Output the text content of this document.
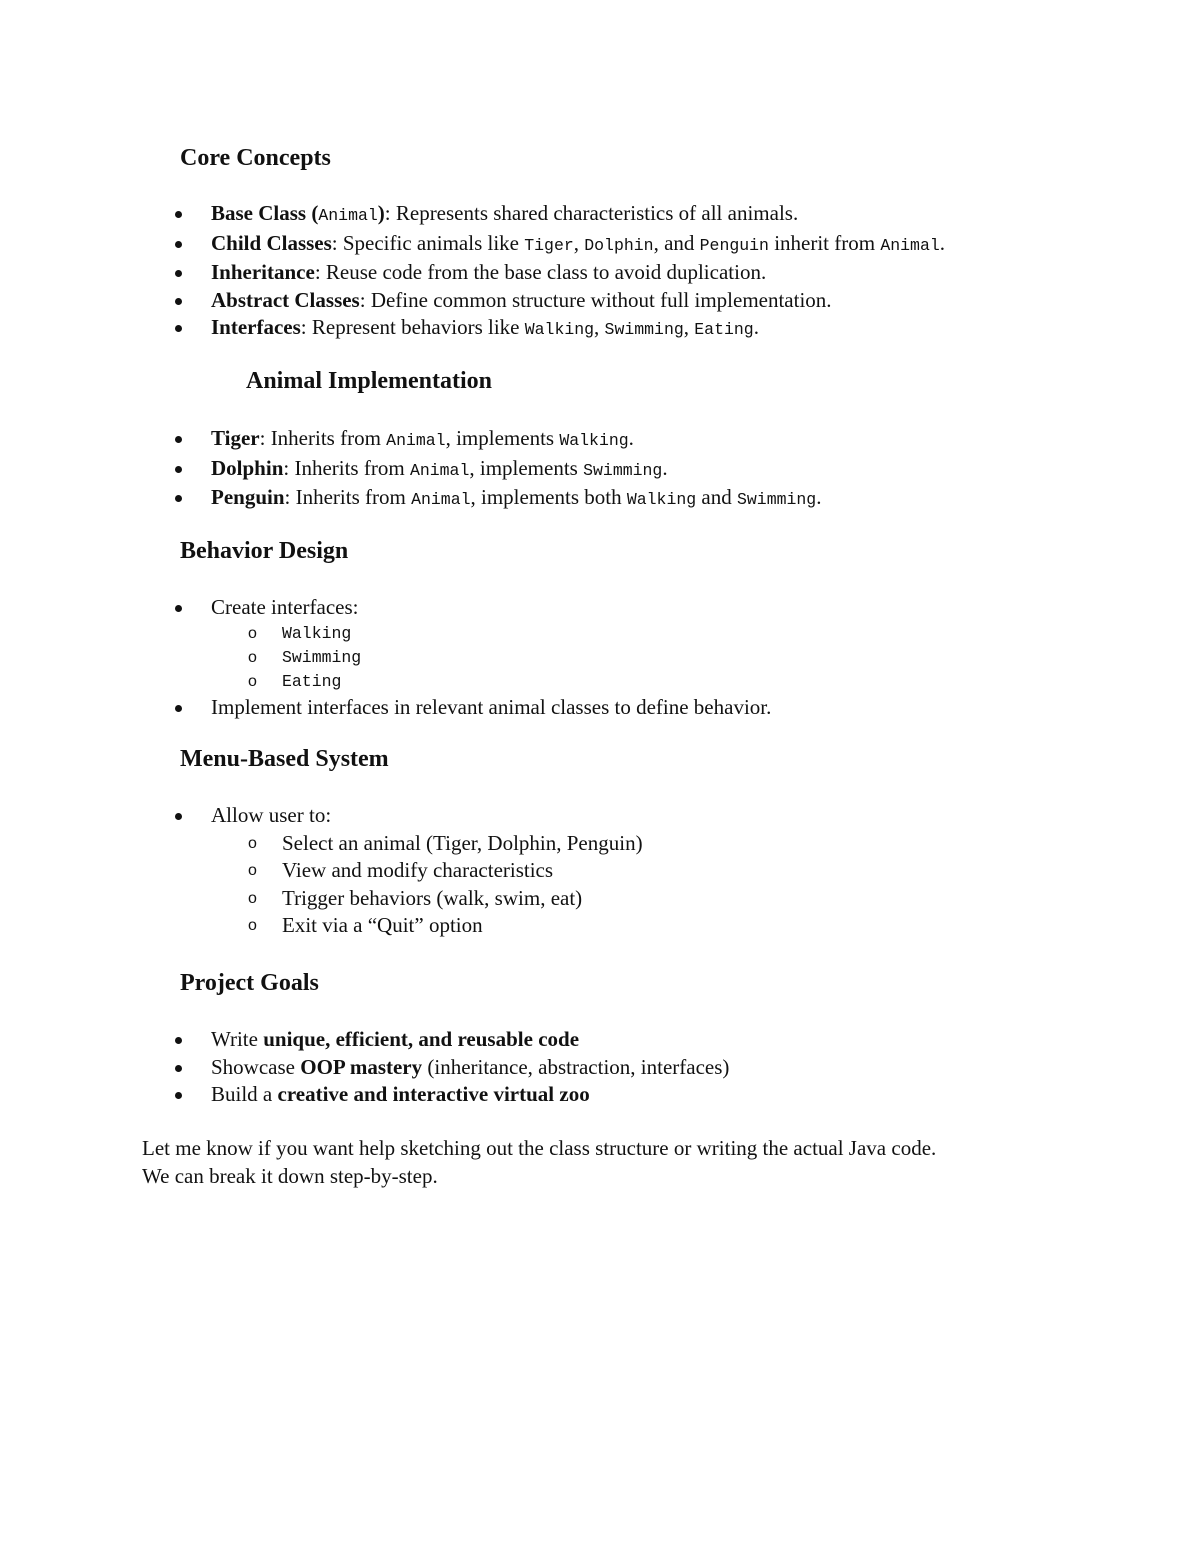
Core Concepts
Base Class (Animal): Represents shared characteristics of all animals.
Child Classes: Specific animals like Tiger, Dolphin, and Penguin inherit from Animal.
Inheritance: Reuse code from the base class to avoid duplication.
Abstract Classes: Define common structure without full implementation.
Interfaces: Represent behaviors like Walking, Swimming, Eating.
Animal Implementation
Tiger: Inherits from Animal, implements Walking.
Dolphin: Inherits from Animal, implements Swimming.
Penguin: Inherits from Animal, implements both Walking and Swimming.
Behavior Design
Create interfaces:
o Walking
o Swimming
o Eating
Implement interfaces in relevant animal classes to define behavior.
Menu-Based System
Allow user to:
o Select an animal (Tiger, Dolphin, Penguin)
o View and modify characteristics
o Trigger behaviors (walk, swim, eat)
o Exit via a “Quit” option
Project Goals
Write unique, efficient, and reusable code
Showcase OOP mastery (inheritance, abstraction, interfaces)
Build a creative and interactive virtual zoo

Let me know if you want help sketching out the class structure or writing the actual Java code.
We can break it down step-by-step.
